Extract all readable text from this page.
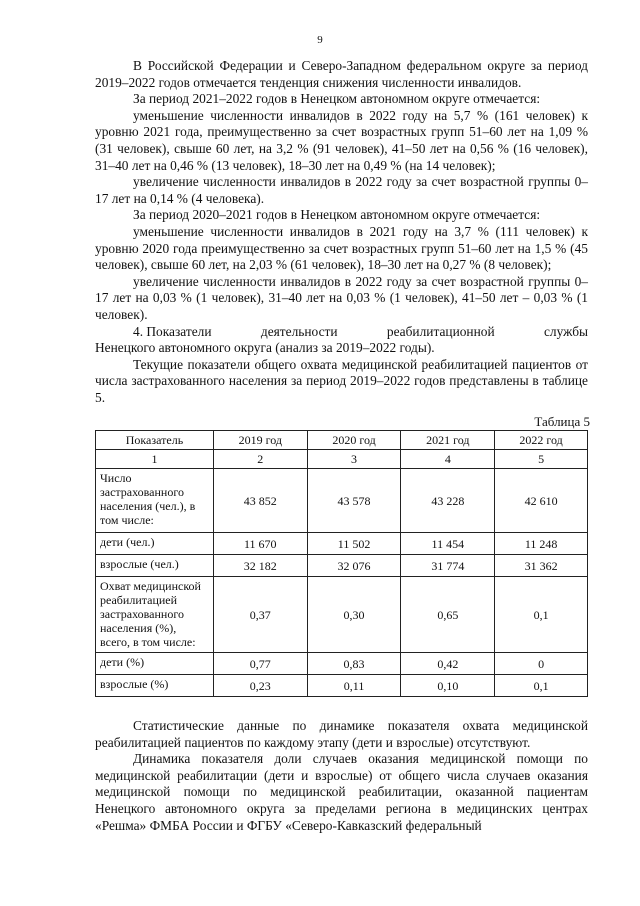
9

В Российской Федерации и Северо-Западном федеральном округе за период 2019–2022 годов отмечается тенденция снижения численности инвалидов.

За период 2021–2022 годов в Ненецком автономном округе отмечается:

уменьшение численности инвалидов в 2022 году на 5,7 % (161 человек) к уровню 2021 года, преимущественно за счет возрастных групп 51–60 лет на 1,09 % (31 человек), свыше 60 лет, на 3,2 % (91 человек), 41–50 лет на 0,56 % (16 человек), 31–40 лет на 0,46 % (13 человек), 18–30 лет на 0,49 % (на 14 человек);

увеличение численности инвалидов в 2022 году за счет возрастной группы 0–17 лет на 0,14 % (4 человека).

За период 2020–2021 годов в Ненецком автономном округе отмечается:

уменьшение численности инвалидов в 2021 году на 3,7 % (111 человек) к уровню 2020 года преимущественно за счет возрастных групп 51–60 лет на 1,5 % (45 человек), свыше 60 лет, на 2,03 % (61 человек), 18–30 лет на 0,27 % (8 человек);

увеличение численности инвалидов в 2022 году за счет возрастной группы 0–17 лет на 0,03 % (1 человек), 31–40 лет на 0,03 % (1 человек), 41–50 лет – 0,03 % (1 человек).

4. Показатели	деятельности	реабилитационной	службы

Ненецкого автономного округа (анализ за 2019–2022 годы).

Текущие показатели общего охвата медицинской реабилитацией пациентов от числа застрахованного населения за период 2019–2022 годов представлены в таблице 5.

Таблица 5
Показатель	2019 год	2020 год	2021 год	2022 год
1	2	3	4	5
Число застрахованного населения (чел.), в том числе:	43 852	43 578	43 228	42 610
дети (чел.)	11 670	11 502	11 454	11 248
взрослые (чел.)	32 182	32 076	31 774	31 362
Охват медицинской реабилитацией застрахованного населения (%), всего, в том числе:	0,37	0,30	0,65	0,1
дети (%)	0,77	0,83	0,42	0
взрослые (%)	0,23	0,11	0,10	0,1

Статистические данные по динамике показателя охвата медицинской реабилитацией пациентов по каждому этапу (дети и взрослые) отсутствуют.

Динамика показателя доли случаев оказания медицинской помощи по медицинской реабилитации (дети и взрослые) от общего числа случаев оказания медицинской помощи по медицинской реабилитации, оказанной пациентам Ненецкого автономного округа за пределами региона в медицинских центрах «Решма» ФМБА России и ФГБУ «Северо-Кавказский федеральный
